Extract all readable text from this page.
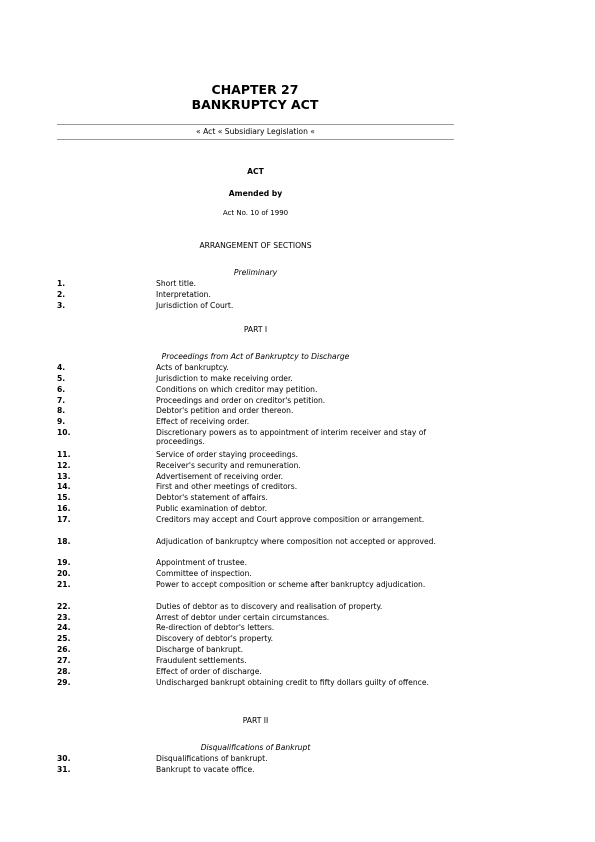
CHAPTER 27
BANKRUPTCY ACT
« Act « Subsidiary Legislation «
ACT
Amended by
Act No. 10 of 1990
ARRANGEMENT OF SECTIONS
Preliminary
1.	Short title.
2.	Interpretation.
3.	Jurisdiction of Court.
PART I
Proceedings from Act of Bankruptcy to Discharge
4.	Acts of bankruptcy.
5.	Jurisdiction to make receiving order.
6.	Conditions on which creditor may petition.
7.	Proceedings and order on creditor's petition.
8.	Debtor's petition and order thereon.
9.	Effect of receiving order.
10.	Discretionary powers as to appointment of interim receiver and stay of proceedings.
11.	Service of order staying proceedings.
12.	Receiver's security and remuneration.
13.	Advertisement of receiving order.
14.	First and other meetings of creditors.
15.	Debtor's statement of affairs.
16.	Public examination of debtor.
17.	Creditors may accept and Court approve composition or arrangement.
18.	Adjudication of bankruptcy where composition not accepted or approved.
19.	Appointment of trustee.
20.	Committee of inspection.
21.	Power to accept composition or scheme after bankruptcy adjudication.
22.	Duties of debtor as to discovery and realisation of property.
23.	Arrest of debtor under certain circumstances.
24.	Re-direction of debtor's letters.
25.	Discovery of debtor's property.
26.	Discharge of bankrupt.
27.	Fraudulent settlements.
28.	Effect of order of discharge.
29.	Undischarged bankrupt obtaining credit to fifty dollars guilty of offence.
PART II
Disqualifications of Bankrupt
30.	Disqualifications of bankrupt.
31.	Bankrupt to vacate office.
